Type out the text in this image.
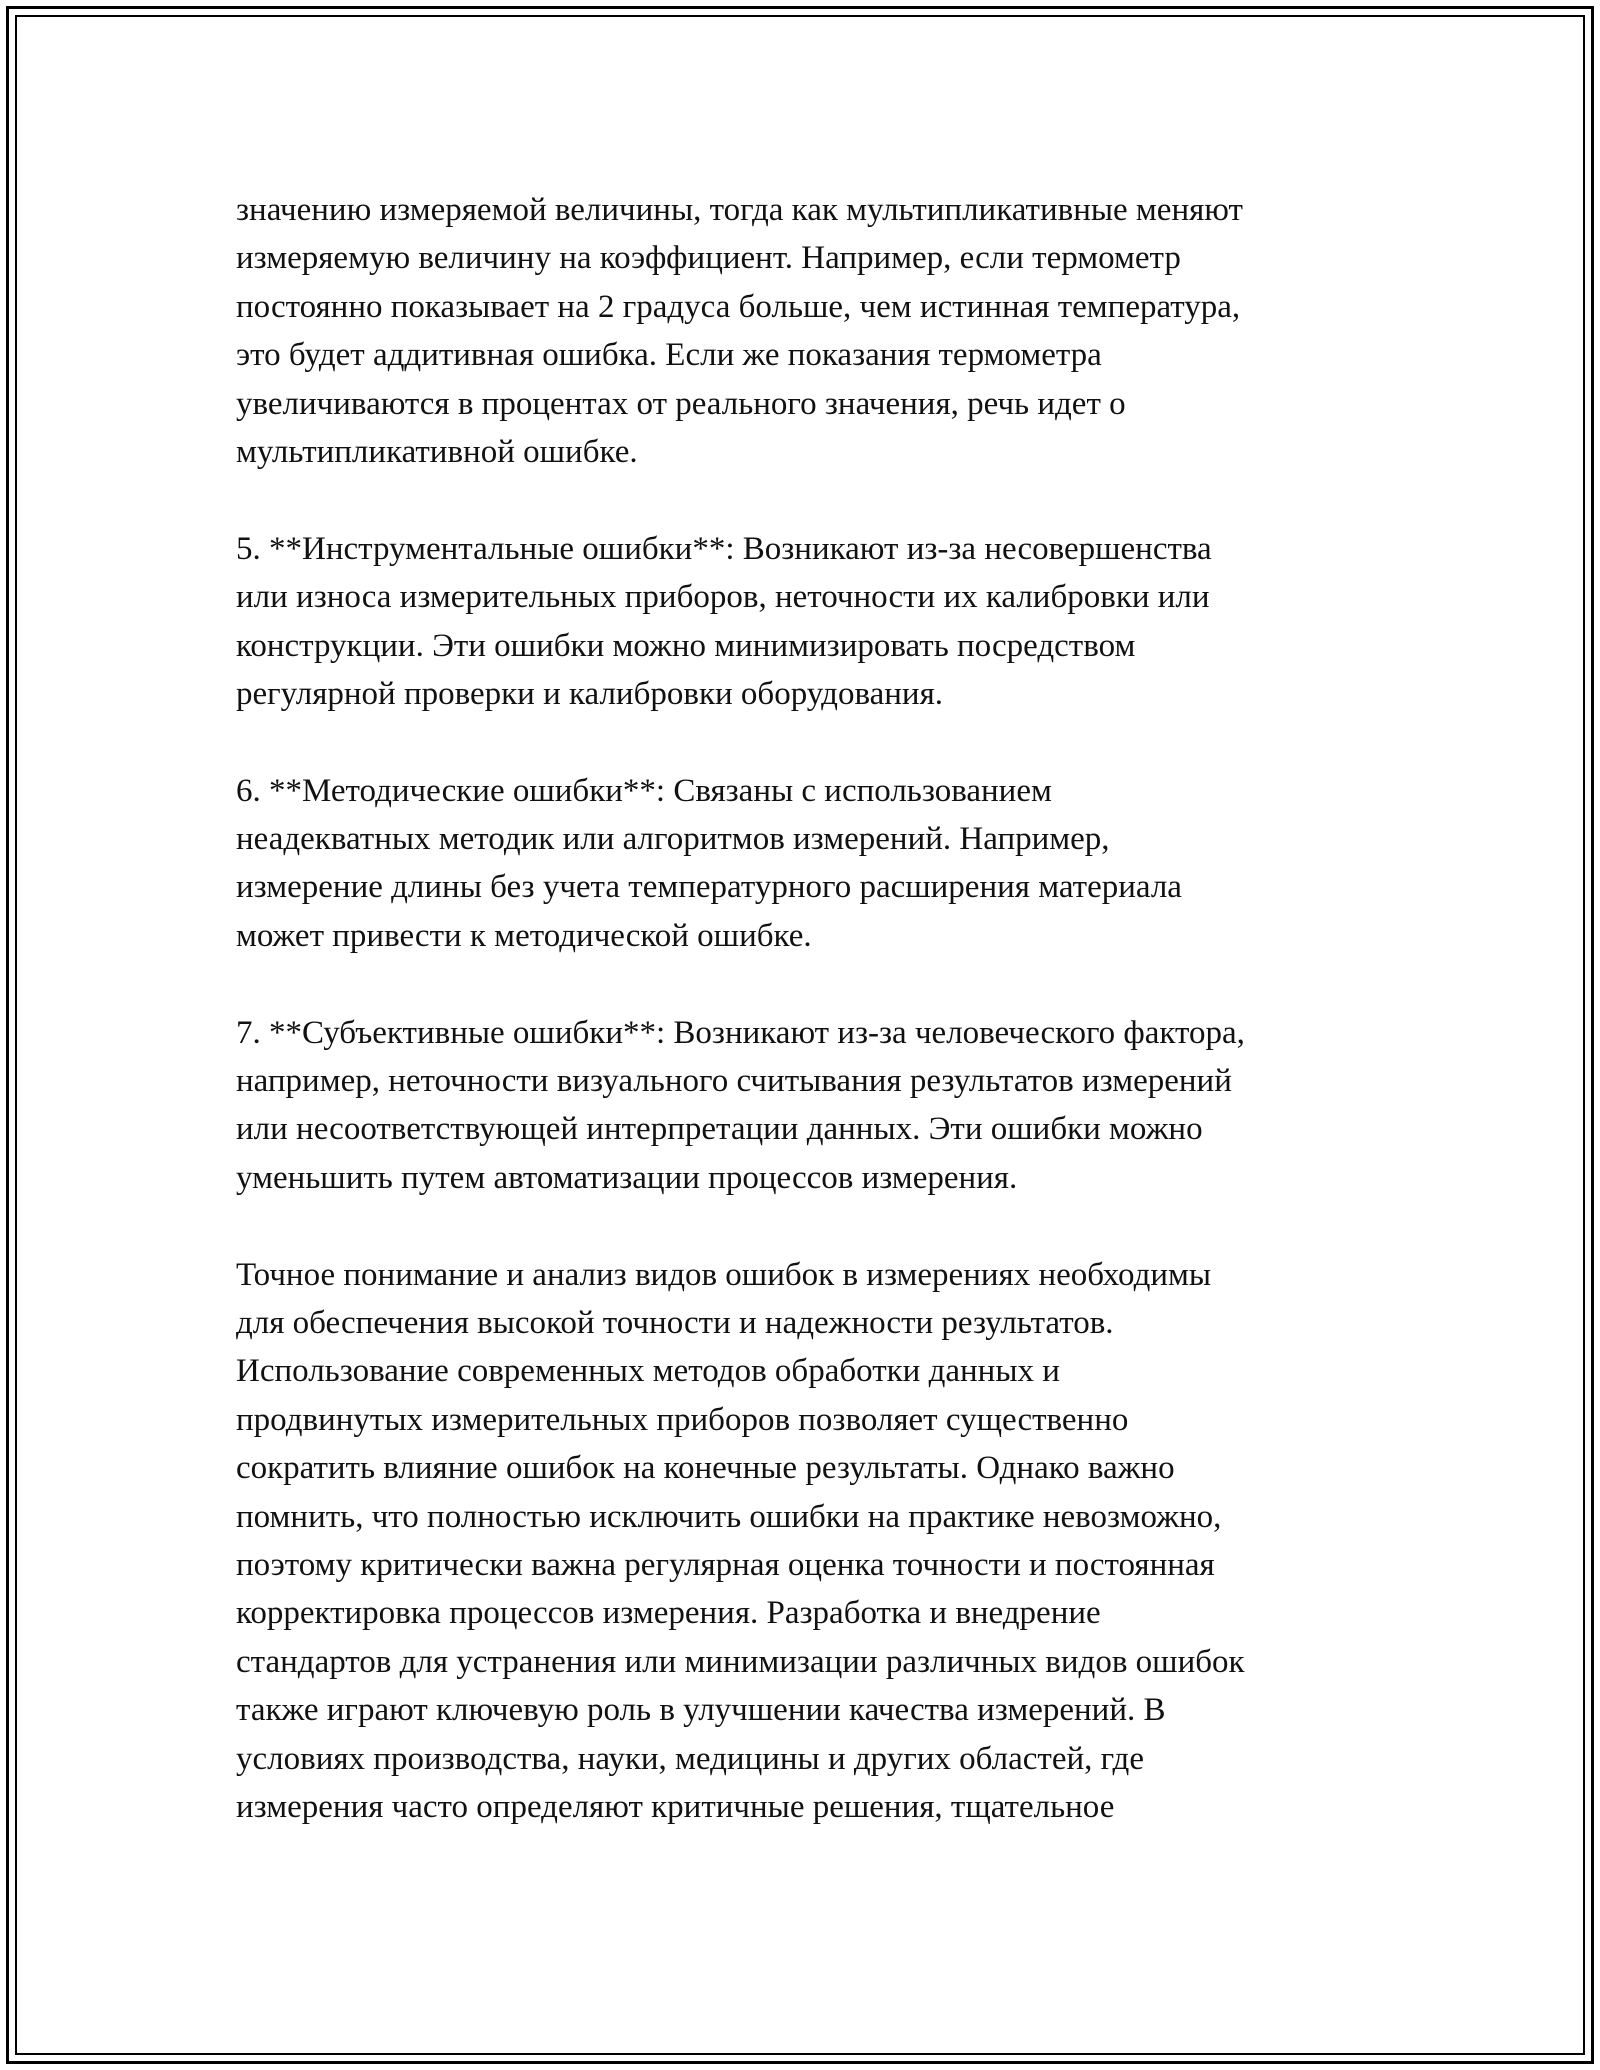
значению измеряемой величины, тогда как мультипликативные меняют
измеряемую величину на коэффициент. Например, если термометр
постоянно показывает на 2 градуса больше, чем истинная температура,
это будет аддитивная ошибка. Если же показания термометра
увеличиваются в процентах от реального значения, речь идет о
мультипликативной ошибке.
5. **Инструментальные ошибки**: Возникают из-за несовершенства
или износа измерительных приборов, неточности их калибровки или
конструкции. Эти ошибки можно минимизировать посредством
регулярной проверки и калибровки оборудования.
6. **Методические ошибки**: Связаны с использованием
неадекватных методик или алгоритмов измерений. Например,
измерение длины без учета температурного расширения материала
может привести к методической ошибке.
7. **Субъективные ошибки**: Возникают из-за человеческого фактора,
например, неточности визуального считывания результатов измерений
или несоответствующей интерпретации данных. Эти ошибки можно
уменьшить путем автоматизации процессов измерения.
Точное понимание и анализ видов ошибок в измерениях необходимы
для обеспечения высокой точности и надежности результатов.
Использование современных методов обработки данных и
продвинутых измерительных приборов позволяет существенно
сократить влияние ошибок на конечные результаты. Однако важно
помнить, что полностью исключить ошибки на практике невозможно,
поэтому критически важна регулярная оценка точности и постоянная
корректировка процессов измерения. Разработка и внедрение
стандартов для устранения или минимизации различных видов ошибок
также играют ключевую роль в улучшении качества измерений. В
условиях производства, науки, медицины и других областей, где
измерения часто определяют критичные решения, тщательное
